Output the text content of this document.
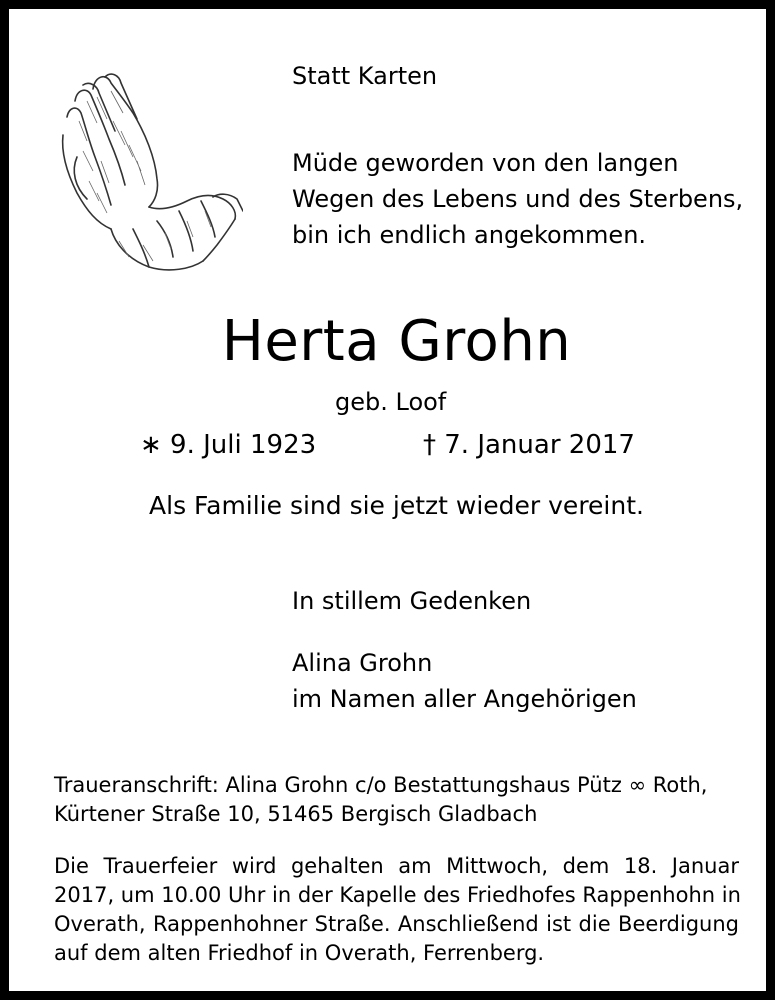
Statt Karten

Müde geworden von den langen
Wegen des Lebens und des Sterbens,
bin ich endlich angekommen.

Herta Grohn

geb. Loof

∗ 9. Juli 1923	† 7. Januar 2017

Als Familie sind sie jetzt wieder vereint.

In stillem Gedenken

Alina Grohn
im Namen aller Angehörigen
Traueranschrift: Alina Grohn c/o Bestattungshaus Pütz ∞ Roth,
Kürtener Straße 10, 51465 Bergisch Gladbach

Die Trauerfeier wird gehalten am Mittwoch, dem 18. Januar
2017, um 10.00 Uhr in der Kapelle des Friedhofes Rappenhohn in
Overath, Rappenhohner Straße. Anschließend ist die Beerdigung
auf dem alten Friedhof in Overath, Ferrenberg.
